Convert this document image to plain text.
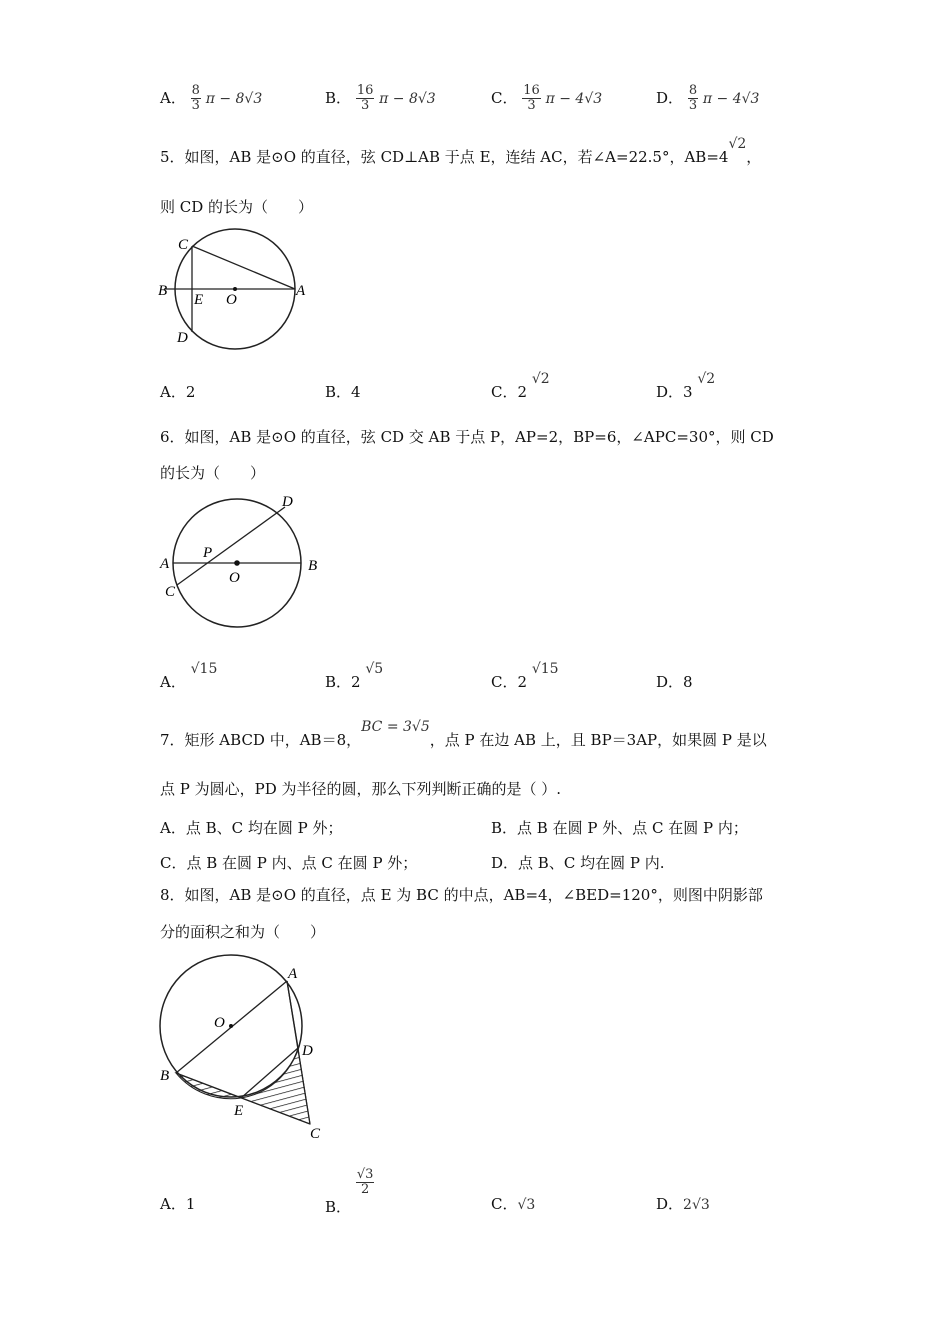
A． $\frac{8}{3}$ π − 8√3	B． $\frac{16}{3}$ π − 8√3	C． $\frac{16}{3}$ π − 4√3	D． $\frac{8}{3}$ π − 4√3
5．如图，AB 是⊙O 的直径，弦 CD⊥AB 于点 E，连结 AC，若∠A=22.5°，AB=4√2，
则 CD 的长为（　　）
C
B
E O
A
D
A．2	B．4	C．2 √2
D．3 √2
6．如图，AB 是⊙O 的直径，弦 CD 交 AB 于点 P，AP=2，BP=6，∠APC=30°，则 CD
的长为（　　）
D
A
P
O
B
C
A． √15
B．2 √5
C．2 √15
D．8
7．矩形 ABCD 中，AB＝8，BC = 3√5，点 P 在边 AB 上，且 BP＝3AP，如果圆 P 是以
点 P 为圆心，PD 为半径的圆，那么下列判断正确的是（ ）.
A．点 B、C 均在圆 P 外；	B．点 B 在圆 P 外、点 C 在圆 P 内；
C．点 B 在圆 P 内、点 C 在圆 P 外；	D．点 B、C 均在圆 P 内.
8．如图，AB 是⊙O 的直径，点 E 为 BC 的中点，AB=4，∠BED=120°，则图中阴影部
分的面积之和为（　　）
A
O
D
B
E
C
A．1	B．
$\frac{√3}{2}$
C．√3	D．2√3
